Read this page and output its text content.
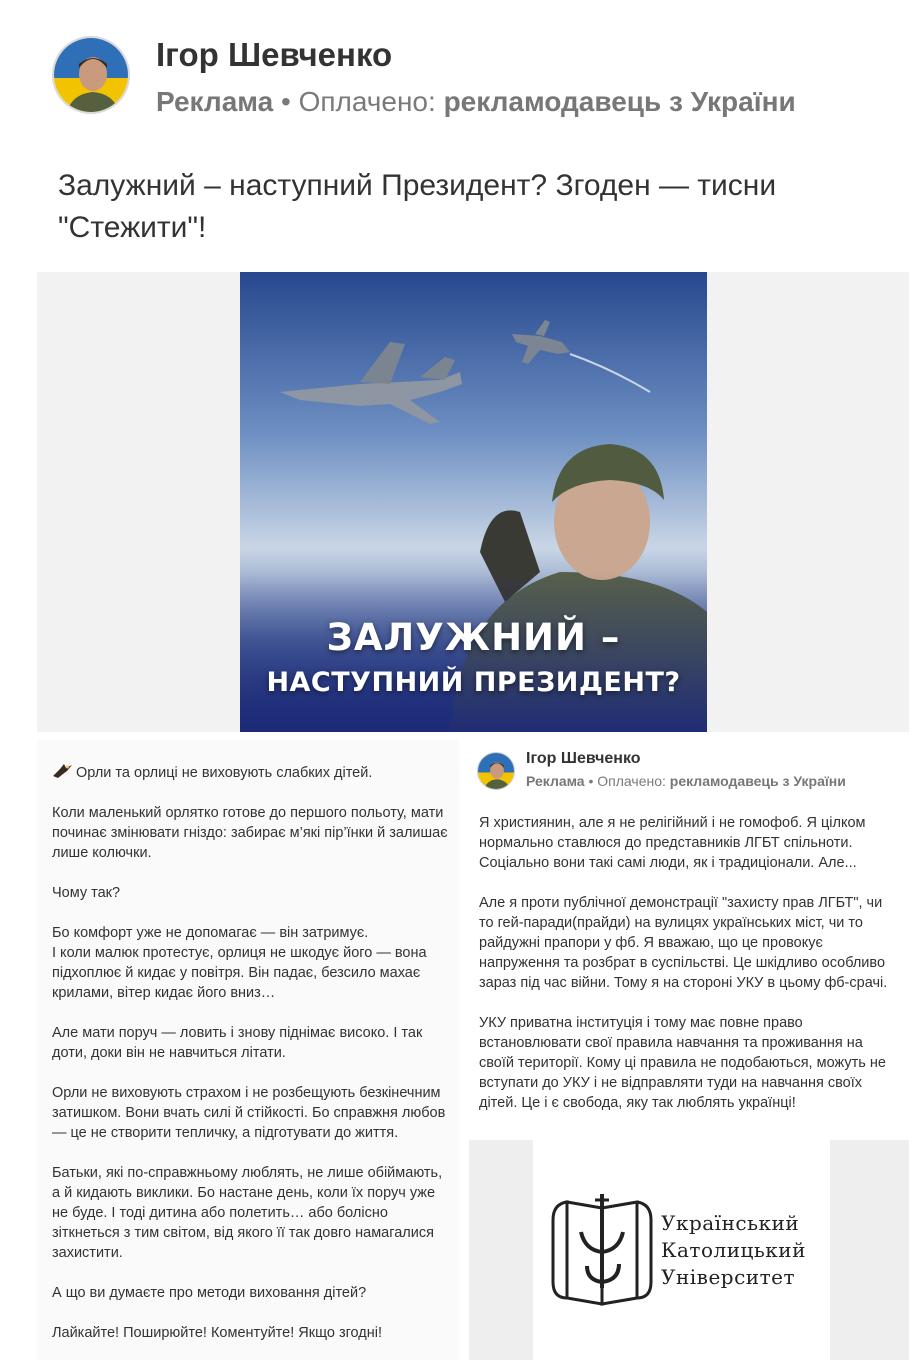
Ігор Шевченко
Реклама • Оплачено: рекламодавець з України
Залужний – наступний Президент? Згоден — тисни "Стежити"!
ЗАЛУЖНИЙ –
НАСТУПНИЙ ПРЕЗИДЕНТ?

Орли та орлиці не виховують слабких дітей.

Коли маленький орлятко готове до першого польоту, мати починає змінювати гніздо: забирає м’які пір’їнки й залишає лише колючки.

Чому так?

Бо комфорт уже не допомагає — він затримує.
І коли малюк протестує, орлиця не шкодує його — вона підхоплює й кидає у повітря. Він падає, безсило махає крилами, вітер кидає його вниз…

Але мати поруч — ловить і знову піднімає високо. І так доти, доки він не навчиться літати.

Орли не виховують страхом і не розбещують безкінечним затишком. Вони вчать силі й стійкості. Бо справжня любов — це не створити тепличку, а підготувати до життя.

Батьки, які по-справжньому люблять, не лише обіймають, а й кидають виклики. Бо настане день, коли їх поруч уже не буде. І тоді дитина або полетить… або болісно зіткнеться з тим світом, від якого її так довго намагалися захистити.

А що ви думаєте про методи виховання дітей?

Лайкайте! Поширюйте! Коментуйте! Якщо згодні!

Ігор Шевченко
Реклама • Оплачено: рекламодавець з України

Я християнин, але я не релігійний і не гомофоб. Я цілком нормально ставлюся до представників ЛГБТ спільноти. Соціально вони такі самі люди, як і традиціонали. Але...

Але я проти публічної демонстрації "захисту прав ЛГБТ", чи то гей-паради(прайди) на вулицях українських міст, чи то райдужні прапори у фб. Я вважаю, що це провокує напруження та розбрат в суспільстві. Це шкідливо особливо зараз під час війни. Тому я на стороні УКУ в цьому фб-срачі.

УКУ приватна інституція і тому має повне право встановлювати свої правила навчання та проживання на своїй території. Кому ці правила не подобаються, можуть не вступати до УКУ і не відправляти туди на навчання своїх дітей. Це і є свобода, яку так люблять українці!

Український
Католицький
Університет
